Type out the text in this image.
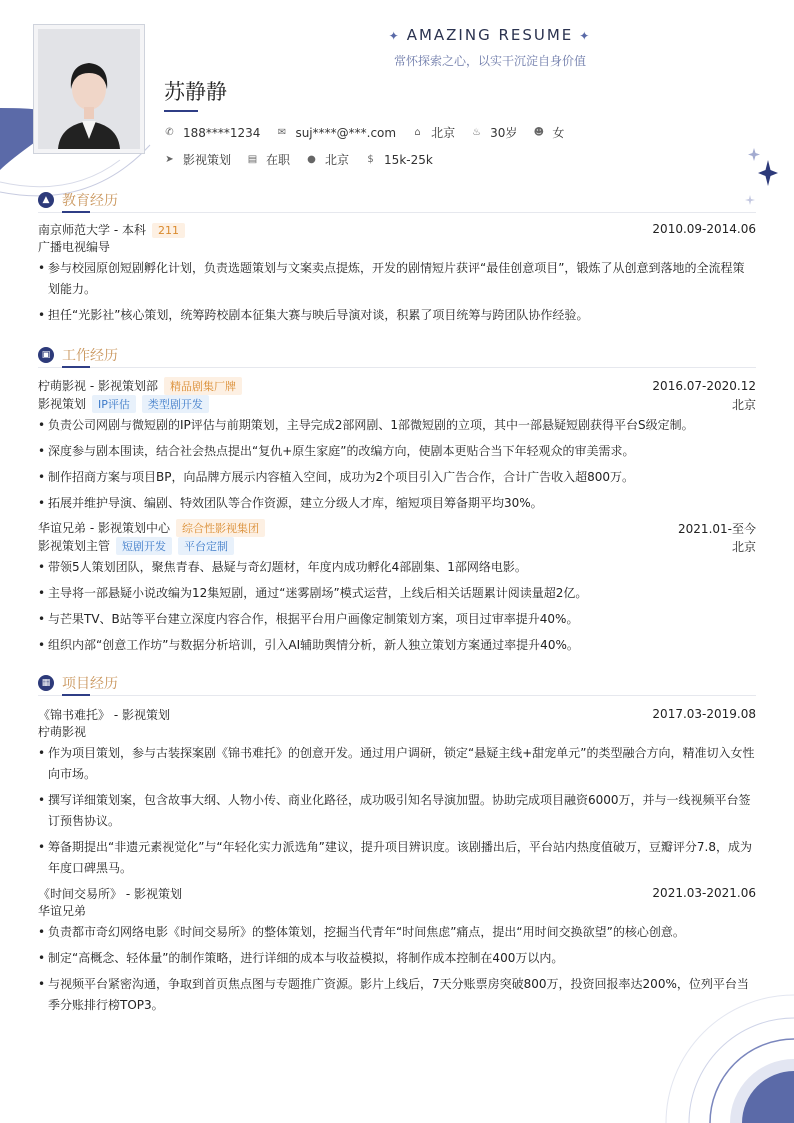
✦ AMAZING RESUME ✦
常怀探索之心，以实干沉淀自身价值
苏静静
✆ 188****1234 ✉ suj****@***.com ⌂ 北京 ♨ 30岁 ☻ 女
➤ 影视策划 ▤ 在职 ● 北京 $ 15k-25k
▲ 教育经历
南京师范大学 - 本科 211	2010.09-2014.06
广播电视编导
• 参与校园原创短剧孵化计划，负责选题策划与文案卖点提炼，开发的剧情短片获评“最佳创意项目”，锻炼了从创意到落地的全流程策划能力。
• 担任“光影社”核心策划，统筹跨校剧本征集大赛与映后导演对谈，积累了项目统筹与跨团队协作经验。
▣ 工作经历
柠萌影视 - 影视策划部 精品剧集厂牌	2016.07-2020.12
影视策划 IP评估 类型剧开发	北京
• 负责公司网剧与微短剧的IP评估与前期策划，主导完成2部网剧、1部微短剧的立项，其中一部悬疑短剧获得平台S级定制。
• 深度参与剧本围读，结合社会热点提出“复仇+原生家庭”的改编方向，使剧本更贴合当下年轻观众的审美需求。
• 制作招商方案与项目BP，向品牌方展示内容植入空间，成功为2个项目引入广告合作，合计广告收入超800万。
• 拓展并维护导演、编剧、特效团队等合作资源，建立分级人才库，缩短项目筹备期平均30%。
华谊兄弟 - 影视策划中心 综合性影视集团	2021.01-至今
影视策划主管 短剧开发 平台定制	北京
• 带领5人策划团队，聚焦青春、悬疑与奇幻题材，年度内成功孵化4部剧集、1部网络电影。
• 主导将一部悬疑小说改编为12集短剧，通过“迷雾剧场”模式运营，上线后相关话题累计阅读量超2亿。
• 与芒果TV、B站等平台建立深度内容合作，根据平台用户画像定制策划方案，项目过审率提升40%。
• 组织内部“创意工作坊”与数据分析培训，引入AI辅助舆情分析，新人独立策划方案通过率提升40%。
▦ 项目经历
《锦书难托》 - 影视策划	2017.03-2019.08
柠萌影视
• 作为项目策划，参与古装探案剧《锦书难托》的创意开发。通过用户调研，锁定“悬疑主线+甜宠单元”的类型融合方向，精准切入女性向市场。
• 撰写详细策划案，包含故事大纲、人物小传、商业化路径，成功吸引知名导演加盟。协助完成项目融资6000万，并与一线视频平台签订预售协议。
• 筹备期提出“非遗元素视觉化”与“年轻化实力派选角”建议，提升项目辨识度。该剧播出后，平台站内热度值破万，豆瓣评分7.8，成为年度口碑黑马。
《时间交易所》 - 影视策划	2021.03-2021.06
华谊兄弟
• 负责都市奇幻网络电影《时间交易所》的整体策划，挖掘当代青年“时间焦虑”痛点，提出“用时间交换欲望”的核心创意。
• 制定“高概念、轻体量”的制作策略，进行详细的成本与收益模拟，将制作成本控制在400万以内。
• 与视频平台紧密沟通，争取到首页焦点图与专题推广资源。影片上线后，7天分账票房突破800万，投资回报率达200%，位列平台当季分账排行榜TOP3。
